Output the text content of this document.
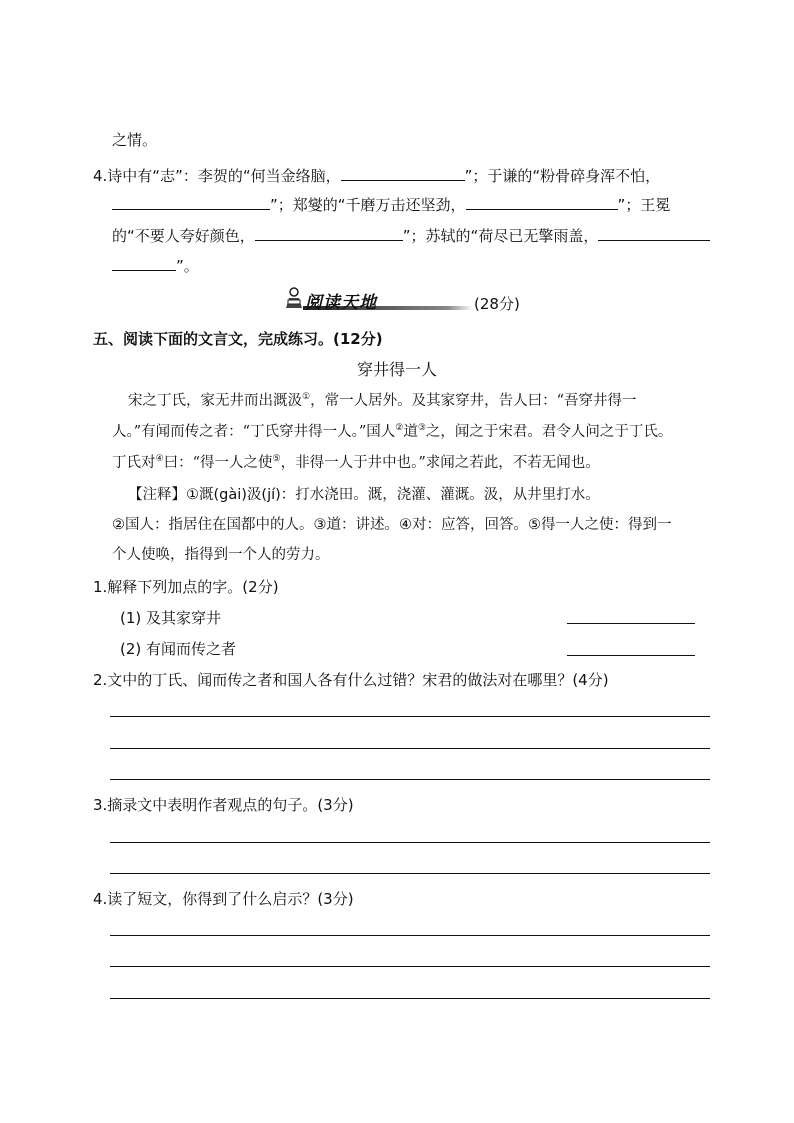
之情。
4.诗中有“志”：李贺的“何当金络脑，	”；于谦的“粉骨碎身浑不怕，
”；郑燮的“千磨万击还坚劲，	”；王冕
的“不要人夸好颜色，	”；苏轼的“荷尽已无擎雨盖，
”。
阅读天地	(28分)
五、阅读下面的文言文，完成练习。(12分)
穿井得一人
宋之丁氏，家无井而出溉汲①，常一人居外。及其家穿井，告人曰：“吾穿井得一
人。”有闻而传之者：“丁氏穿井得一人。”国人②道③之，闻之于宋君。君令人问之于丁氏。
丁氏对④曰：“得一人之使⑤，非得一人于井中也。”求闻之若此，不若无闻也。
【注释】①溉(gài)汲(jí)：打水浇田。溉，浇灌、灌溉。汲，从井里打水。
②国人：指居住在国都中的人。③道：讲述。④对：应答，回答。⑤得一人之使：得到一
个人使唤，指得到一个人的劳力。
1.解释下列加点的字。(2分)
(1) 及其家穿井
(2) 有闻而传之者
2.文中的丁氏、闻而传之者和国人各有什么过错？宋君的做法对在哪里？(4分)
3.摘录文中表明作者观点的句子。(3分)
4.读了短文，你得到了什么启示？(3分)
